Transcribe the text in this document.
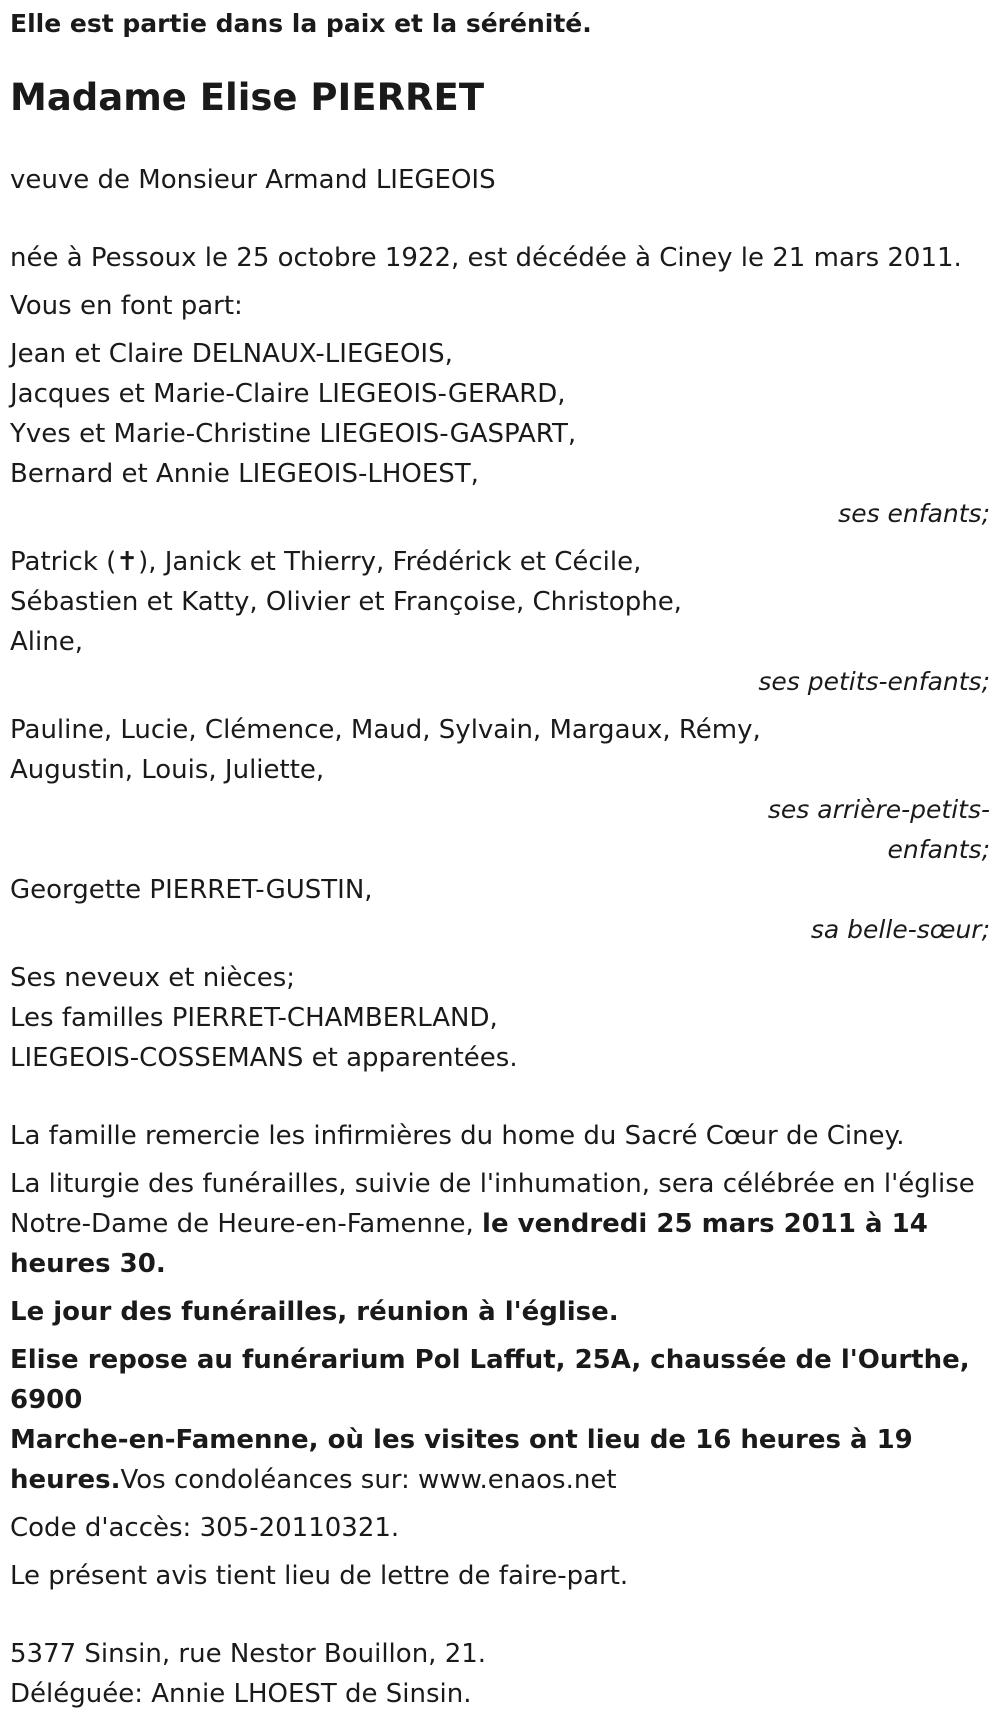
Elle est partie dans la paix et la sérénité.
Madame Elise PIERRET
veuve de Monsieur Armand LIEGEOIS
née à Pessoux le 25 octobre 1922, est décédée à Ciney le 21 mars 2011.
Vous en font part:
Jean et Claire DELNAUX-LIEGEOIS,
Jacques et Marie-Claire LIEGEOIS-GERARD,
Yves et Marie-Christine LIEGEOIS-GASPART,
Bernard et Annie LIEGEOIS-LHOEST,
ses enfants;
Patrick (✝), Janick et Thierry, Frédérick et Cécile,
Sébastien et Katty, Olivier et Françoise, Christophe,
Aline,
ses petits-enfants;
Pauline, Lucie, Clémence, Maud, Sylvain, Margaux, Rémy,
Augustin, Louis, Juliette,
ses arrière-petits-
enfants;
Georgette PIERRET-GUSTIN,
sa belle-sœur;
Ses neveux et nièces;
Les familles PIERRET-CHAMBERLAND,
LIEGEOIS-COSSEMANS et apparentées.
La famille remercie les infirmières du home du Sacré Cœur de Ciney.
La liturgie des funérailles, suivie de l'inhumation, sera célébrée en l'église
Notre-Dame de Heure-en-Famenne, le vendredi 25 mars 2011 à 14
heures 30.
Le jour des funérailles, réunion à l'église.
Elise repose au funérarium Pol Laffut, 25A, chaussée de l'Ourthe, 6900
Marche-en-Famenne, où les visites ont lieu de 16 heures à 19
heures.Vos condoléances sur: www.enaos.net
Code d'accès: 305-20110321.
Le présent avis tient lieu de lettre de faire-part.
5377 Sinsin, rue Nestor Bouillon, 21.
Déléguée: Annie LHOEST de Sinsin.
